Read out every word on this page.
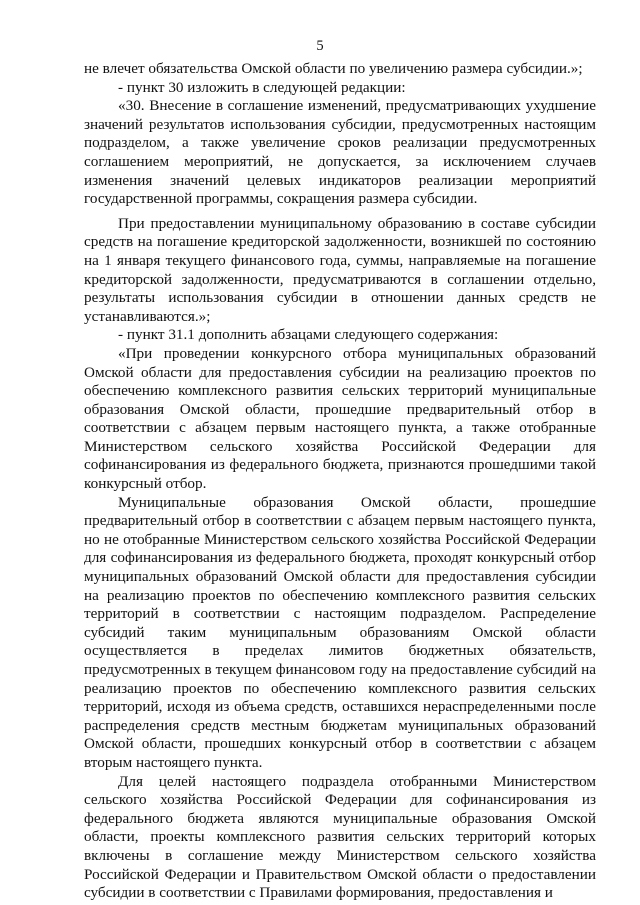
5

не влечет обязательства Омской области по увеличению размера субсидии.»;

- пункт 30 изложить в следующей редакции:

«30. Внесение в соглашение изменений, предусматривающих ухудшение значений результатов использования субсидии, предусмотренных настоящим подразделом, а также увеличение сроков реализации предусмотренных соглашением мероприятий, не допускается, за исключением случаев изменения значений целевых индикаторов реализации мероприятий государственной программы, сокращения размера субсидии.

При предоставлении муниципальному образованию в составе субсидии средств на погашение кредиторской задолженности, возникшей по состоянию на 1 января текущего финансового года, суммы, направляемые на погашение кредиторской задолженности, предусматриваются в соглашении отдельно, результаты использования субсидии в отношении данных средств не устанавливаются.»;

- пункт 31.1 дополнить абзацами следующего содержания:

«При проведении конкурсного отбора муниципальных образований Омской области для предоставления субсидии на реализацию проектов по обеспечению комплексного развития сельских территорий муниципальные образования Омской области, прошедшие предварительный отбор в соответствии с абзацем первым настоящего пункта, а также отобранные Министерством сельского хозяйства Российской Федерации для софинансирования из федерального бюджета, признаются прошедшими такой конкурсный отбор.

Муниципальные образования Омской области, прошедшие предварительный отбор в соответствии с абзацем первым настоящего пункта, но не отобранные Министерством сельского хозяйства Российской Федерации для софинансирования из федерального бюджета, проходят конкурсный отбор муниципальных образований Омской области для предоставления субсидии на реализацию проектов по обеспечению комплексного развития сельских территорий в соответствии с настоящим подразделом. Распределение субсидий таким муниципальным образованиям Омской области осуществляется в пределах лимитов бюджетных обязательств, предусмотренных в текущем финансовом году на предоставление субсидий на реализацию проектов по обеспечению комплексного развития сельских территорий, исходя из объема средств, оставшихся нераспределенными после распределения средств местным бюджетам муниципальных образований Омской области, прошедших конкурсный отбор в соответствии с абзацем вторым настоящего пункта.

Для целей настоящего подраздела отобранными Министерством сельского хозяйства Российской Федерации для софинансирования из федерального бюджета являются муниципальные образования Омской области, проекты комплексного развития сельских территорий которых включены в соглашение между Министерством сельского хозяйства Российской Федерации и Правительством Омской области о предоставлении субсидии в соответствии с Правилами формирования, предоставления и
